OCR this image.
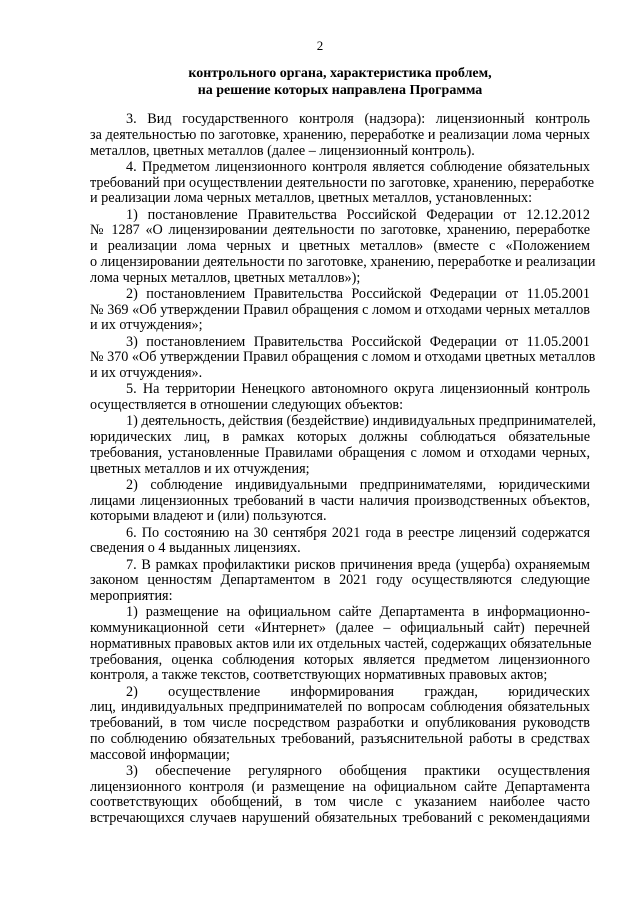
2
контрольного органа, характеристика проблем,
на решение которых направлена Программа

3. Вид государственного контроля (надзора): лицензионный контроль
за деятельностью по заготовке, хранению, переработке и реализации лома черных
металлов, цветных металлов (далее – лицензионный контроль).

4. Предметом лицензионного контроля является соблюдение обязательных
требований при осуществлении деятельности по заготовке, хранению, переработке
и реализации лома черных металлов, цветных металлов, установленных:

1) постановление Правительства Российской Федерации от 12.12.2012
№ 1287 «О лицензировании деятельности по заготовке, хранению, переработке
и реализации лома черных и цветных металлов» (вместе с «Положением
о лицензировании деятельности по заготовке, хранению, переработке и реализации
лома черных металлов, цветных металлов»);

2) постановлением Правительства Российской Федерации от 11.05.2001
№ 369 «Об утверждении Правил обращения с ломом и отходами черных металлов
и их отчуждения»;

3) постановлением Правительства Российской Федерации от 11.05.2001
№ 370 «Об утверждении Правил обращения с ломом и отходами цветных металлов
и их отчуждения».

5. На территории Ненецкого автономного округа лицензионный контроль
осуществляется в отношении следующих объектов:

1) деятельность, действия (бездействие) индивидуальных предпринимателей,
юридических лиц, в рамках которых должны соблюдаться обязательные
требования, установленные Правилами обращения с ломом и отходами черных,
цветных металлов и их отчуждения;

2) соблюдение индивидуальными предпринимателями, юридическими
лицами лицензионных требований в части наличия производственных объектов,
которыми владеют и (или) пользуются.

6. По состоянию на 30 сентября 2021 года в реестре лицензий содержатся
сведения о 4 выданных лицензиях.

7. В рамках профилактики рисков причинения вреда (ущерба) охраняемым
законом ценностям Департаментом в 2021 году осуществляются следующие
мероприятия:

1) размещение на официальном сайте Департамента в информационно-
коммуникационной сети «Интернет» (далее – официальный сайт) перечней
нормативных правовых актов или их отдельных частей, содержащих обязательные
требования, оценка соблюдения которых является предметом лицензионного
контроля, а также текстов, соответствующих нормативных правовых актов;

2) осуществление информирования граждан, юридических
лиц, индивидуальных предпринимателей по вопросам соблюдения обязательных
требований, в том числе посредством разработки и опубликования руководств
по соблюдению обязательных требований, разъяснительной работы в средствах
массовой информации;

3) обеспечение регулярного обобщения практики осуществления
лицензионного контроля (и размещение на официальном сайте Департамента
соответствующих обобщений, в том числе с указанием наиболее часто
встречающихся случаев нарушений обязательных требований с рекомендациями
